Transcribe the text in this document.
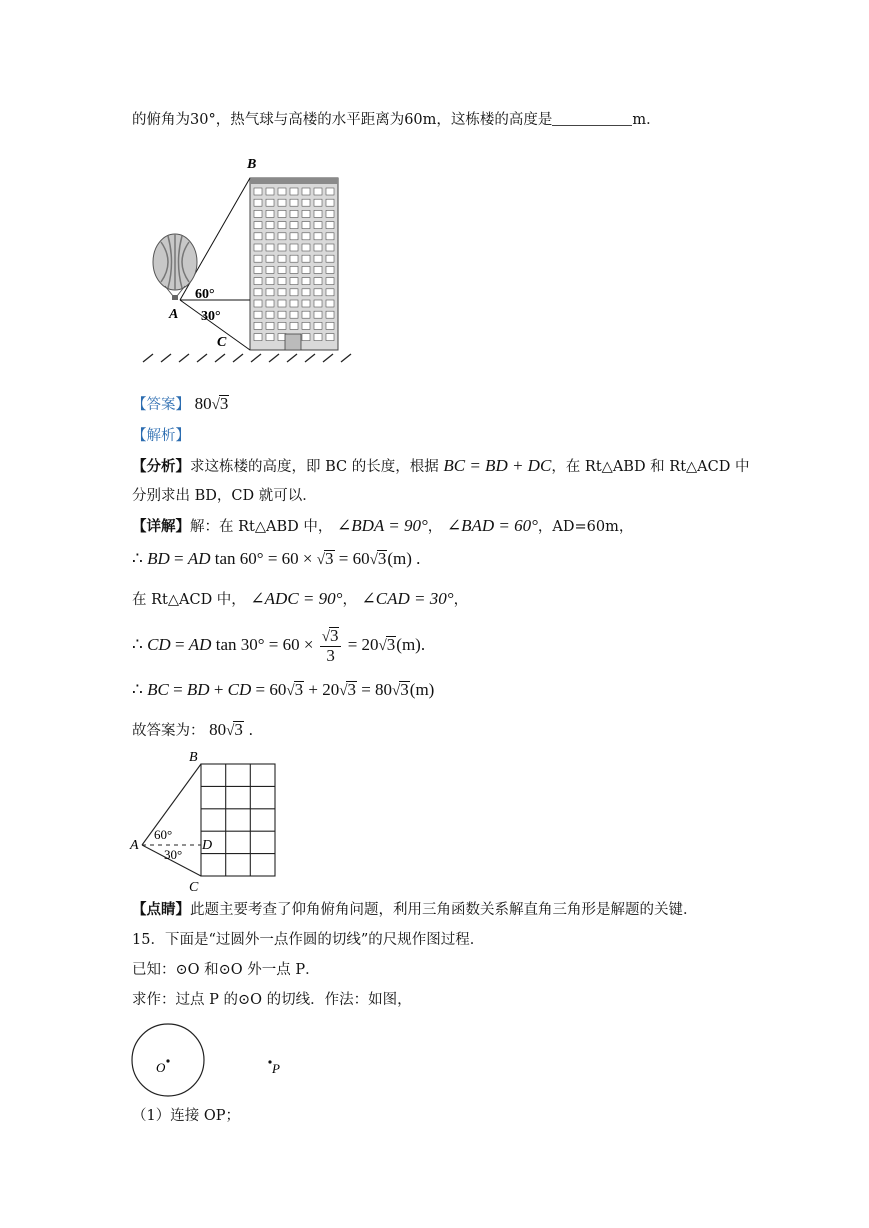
的俯角为30°，热气球与高楼的水平距离为60m，这栋楼的高度是	m．
B
A
C
60°
30°
【答案】 80√3
【解析】
【分析】求这栋楼的高度，即 BC 的长度，根据 BC = BD + DC，在 Rt△ABD 和 Rt△ACD 中
分别求出 BD，CD 就可以．
【详解】解：在 Rt△ABD 中， ∠BDA = 90°， ∠BAD = 60°，AD=60m，
∴ BD = AD tan 60° = 60 × √3 = 60√3(m) .
在 Rt△ACD 中， ∠ADC = 90°， ∠CAD = 30°，
∴ CD = AD $\tan 30^\circ = 60 \times \frac{√3}{3} = 20√3(m)$.
∴ BC = BD + CD = 60√3 + 20√3 = 80√3(m)
故答案为： 80√3 .
B
A
C
D
60°
30°
【点睛】此题主要考查了仰角俯角问题，利用三角函数关系解直角三角形是解题的关键．
15．下面是“过圆外一点作圆的切线”的尺规作图过程．
已知：⊙O 和⊙O 外一点 P．
求作：过点 P 的⊙O 的切线．作法：如图，
O	P
（1）连接 OP；
